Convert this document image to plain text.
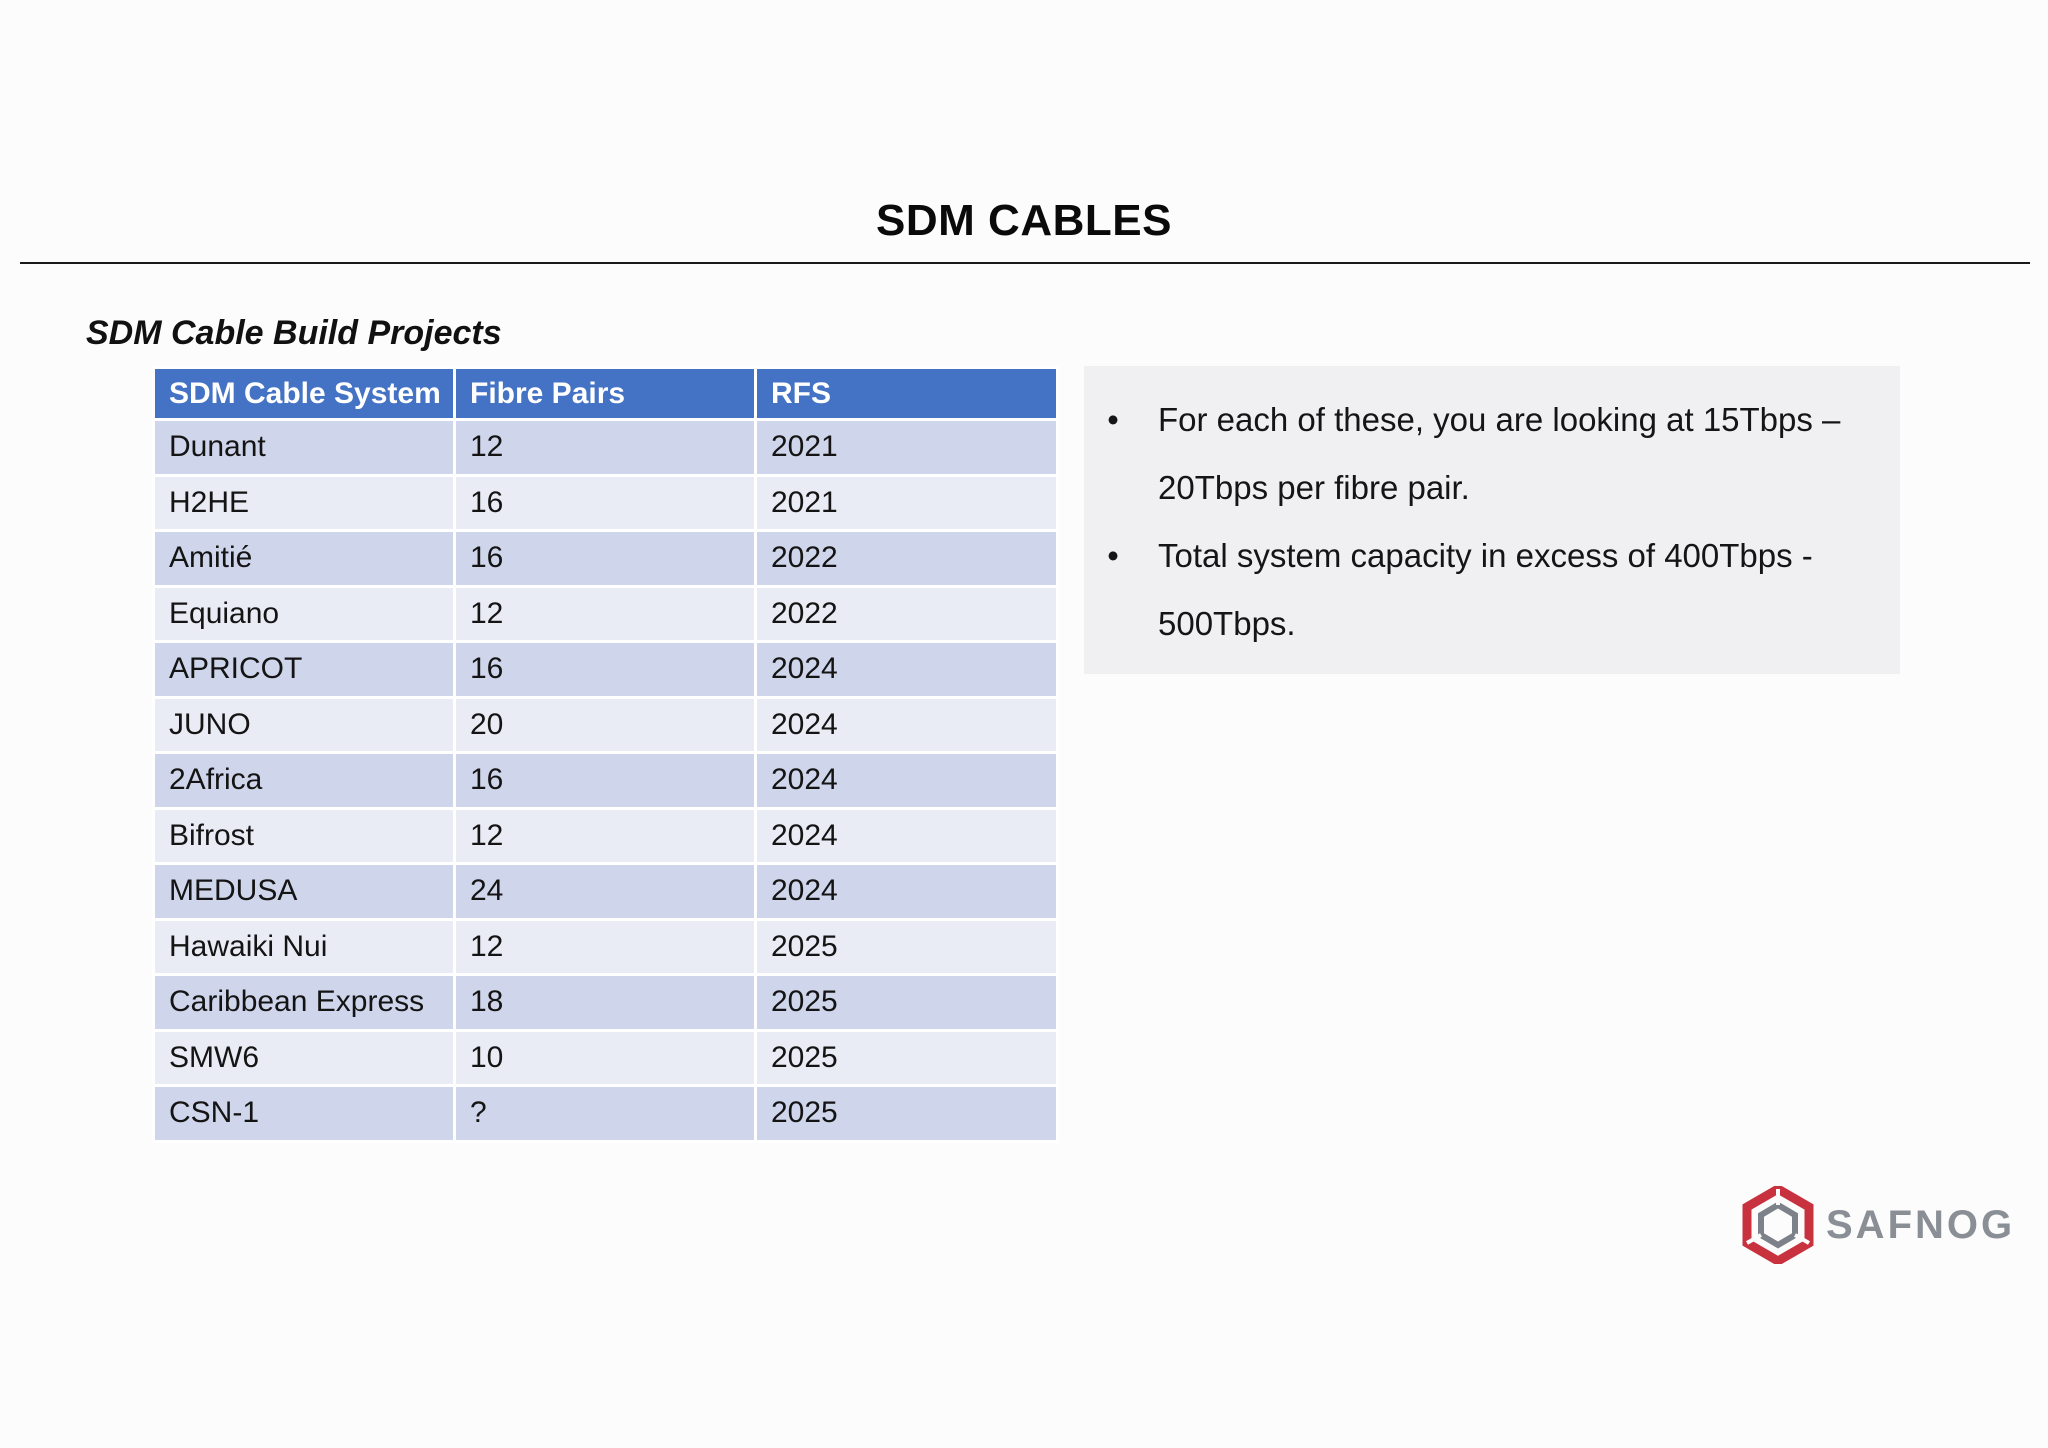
SDM CABLES
SDM Cable Build Projects
SDM Cable System	Fibre Pairs	RFS
Dunant	12	2021
H2HE	16	2021
Amitié	16	2022
Equiano	12	2022
APRICOT	16	2024
JUNO	20	2024
2Africa	16	2024
Bifrost	12	2024
MEDUSA	24	2024
Hawaiki Nui	12	2025
Caribbean Express	18	2025
SMW6	10	2025
CSN-1	?	2025
• For each of these, you are looking at 15Tbps – 20Tbps per fibre pair.
• Total system capacity in excess of 400Tbps - 500Tbps.
SAFNOG
